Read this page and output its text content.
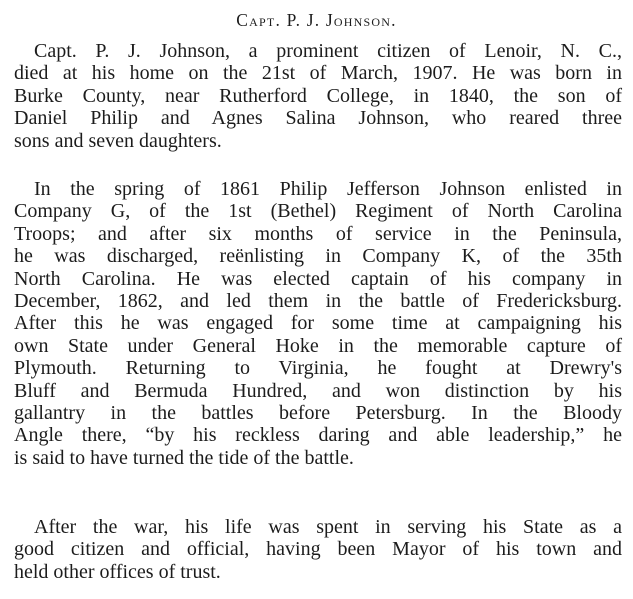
Capt. P. J. Johnson.
Capt. P. J. Johnson, a prominent citizen of Lenoir, N. C.,
died at his home on the 21st of March, 1907. He was born in
Burke County, near Rutherford College, in 1840, the son of
Daniel Philip and Agnes Salina Johnson, who reared three
sons and seven daughters.
In the spring of 1861 Philip Jefferson Johnson enlisted in
Company G, of the 1st (Bethel) Regiment of North Carolina
Troops; and after six months of service in the Peninsula,
he was discharged, reënlisting in Company K, of the 35th
North Carolina. He was elected captain of his company in
December, 1862, and led them in the battle of Fredericksburg.
After this he was engaged for some time at campaigning his
own State under General Hoke in the memorable capture of
Plymouth. Returning to Virginia, he fought at Drewry's
Bluff and Bermuda Hundred, and won distinction by his
gallantry in the battles before Petersburg. In the Bloody
Angle there, “by his reckless daring and able leadership,” he
is said to have turned the tide of the battle.
After the war, his life was spent in serving his State as a
good citizen and official, having been Mayor of his town and
held other offices of trust.
